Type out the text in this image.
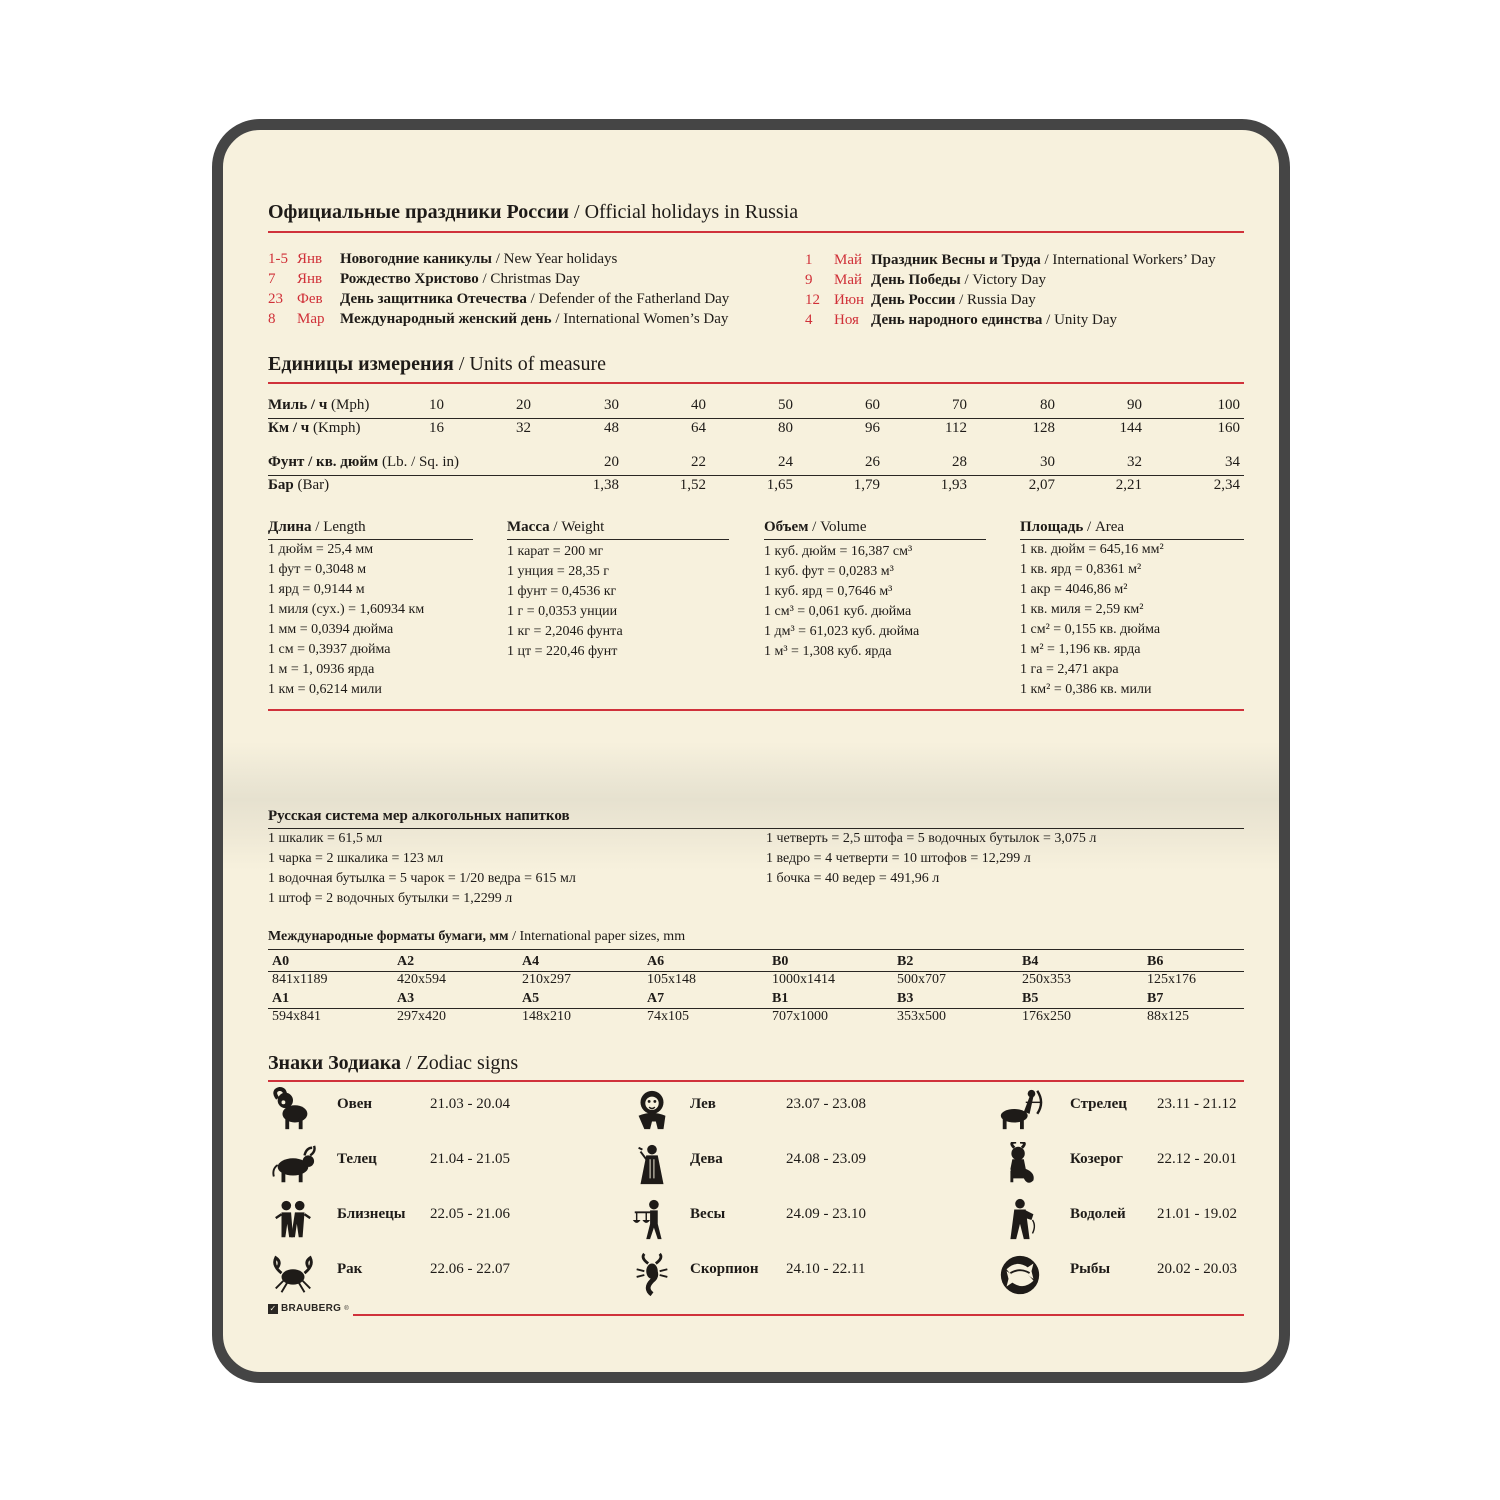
Официальные праздники России / Official holidays in Russia
1-5 Янв Новогодние каникулы / New Year holidays
7 Янв Рождество Христово / Christmas Day
23 Фев День защитника Отечества / Defender of the Fatherland Day
8 Мар Международный женский день / International Women’s Day
1 Май Праздник Весны и Труда / International Workers’ Day
9 Май День Победы / Victory Day
12 Июн День России / Russia Day
4 Ноя День народного единства / Unity Day
Единицы измерения / Units of measure
Миль / ч (Mph)	10	20	30	40	50	60	70	80	90	100
Км / ч (Kmph)	16	32	48	64	80	96	112	128	144	160
Фунт / кв. дюйм (Lb. / Sq. in)	20	22	24	26	28	30	32	34
Бар (Bar)	1,38	1,52	1,65	1,79	1,93	2,07	2,21	2,34
Длина / Length
1 дюйм = 25,4 мм
1 фут = 0,3048 м
1 ярд = 0,9144 м
1 миля (сух.) = 1,60934 км
1 мм = 0,0394 дюйма
1 см = 0,3937 дюйма
1 м = 1, 0936 ярда
1 км = 0,6214 мили
Масса / Weight
1 карат = 200 мг
1 унция = 28,35 г
1 фунт = 0,4536 кг
1 г = 0,0353 унции
1 кг = 2,2046 фунта
1 цт = 220,46 фунт
Объем / Volume
1 куб. дюйм = 16,387 см³
1 куб. фут = 0,0283 м³
1 куб. ярд = 0,7646 м³
1 см³ = 0,061 куб. дюйма
1 дм³ = 61,023 куб. дюйма
1 м³ = 1,308 куб. ярда
Площадь / Area
1 кв. дюйм = 645,16 мм²
1 кв. ярд = 0,8361 м²
1 акр = 4046,86 м²
1 кв. миля = 2,59 км²
1 см² = 0,155 кв. дюйма
1 м² = 1,196 кв. ярда
1 га = 2,471 акра
1 км² = 0,386 кв. мили
Русская система мер алкогольных напитков
1 шкалик = 61,5 мл
1 чарка = 2 шкалика = 123 мл
1 водочная бутылка = 5 чарок = 1/20 ведра = 615 мл
1 штоф = 2 водочных бутылки = 1,2299 л
1 четверть = 2,5 штофа = 5 водочных бутылок = 3,075 л
1 ведро = 4 четверти = 10 штофов = 12,299 л
1 бочка = 40 ведер = 491,96 л
Международные форматы бумаги, мм / International paper sizes, mm
A0	A2	A4	A6	B0	B2	B4	B6
841x1189	420x594	210x297	105x148	1000x1414	500x707	250x353	125x176
A1	A3	A5	A7	B1	B3	B5	B7
594x841	297x420	148x210	74x105	707x1000	353x500	176x250	88x125
Знаки Зодиака / Zodiac signs
Овен	21.03 - 20.04
Телец	21.04 - 21.05
Близнецы 22.05 - 21.06
Рак	22.06 - 22.07
Лев	23.07 - 23.08
Дева	24.08 - 23.09
Весы	24.09 - 23.10
Скорпион 24.10 - 22.11
Стрелец 23.11 - 21.12
Козерог 22.12 - 20.01
Водолей 21.01 - 19.02
Рыбы	20.02 - 20.03
✓ BRAUBERG ®
